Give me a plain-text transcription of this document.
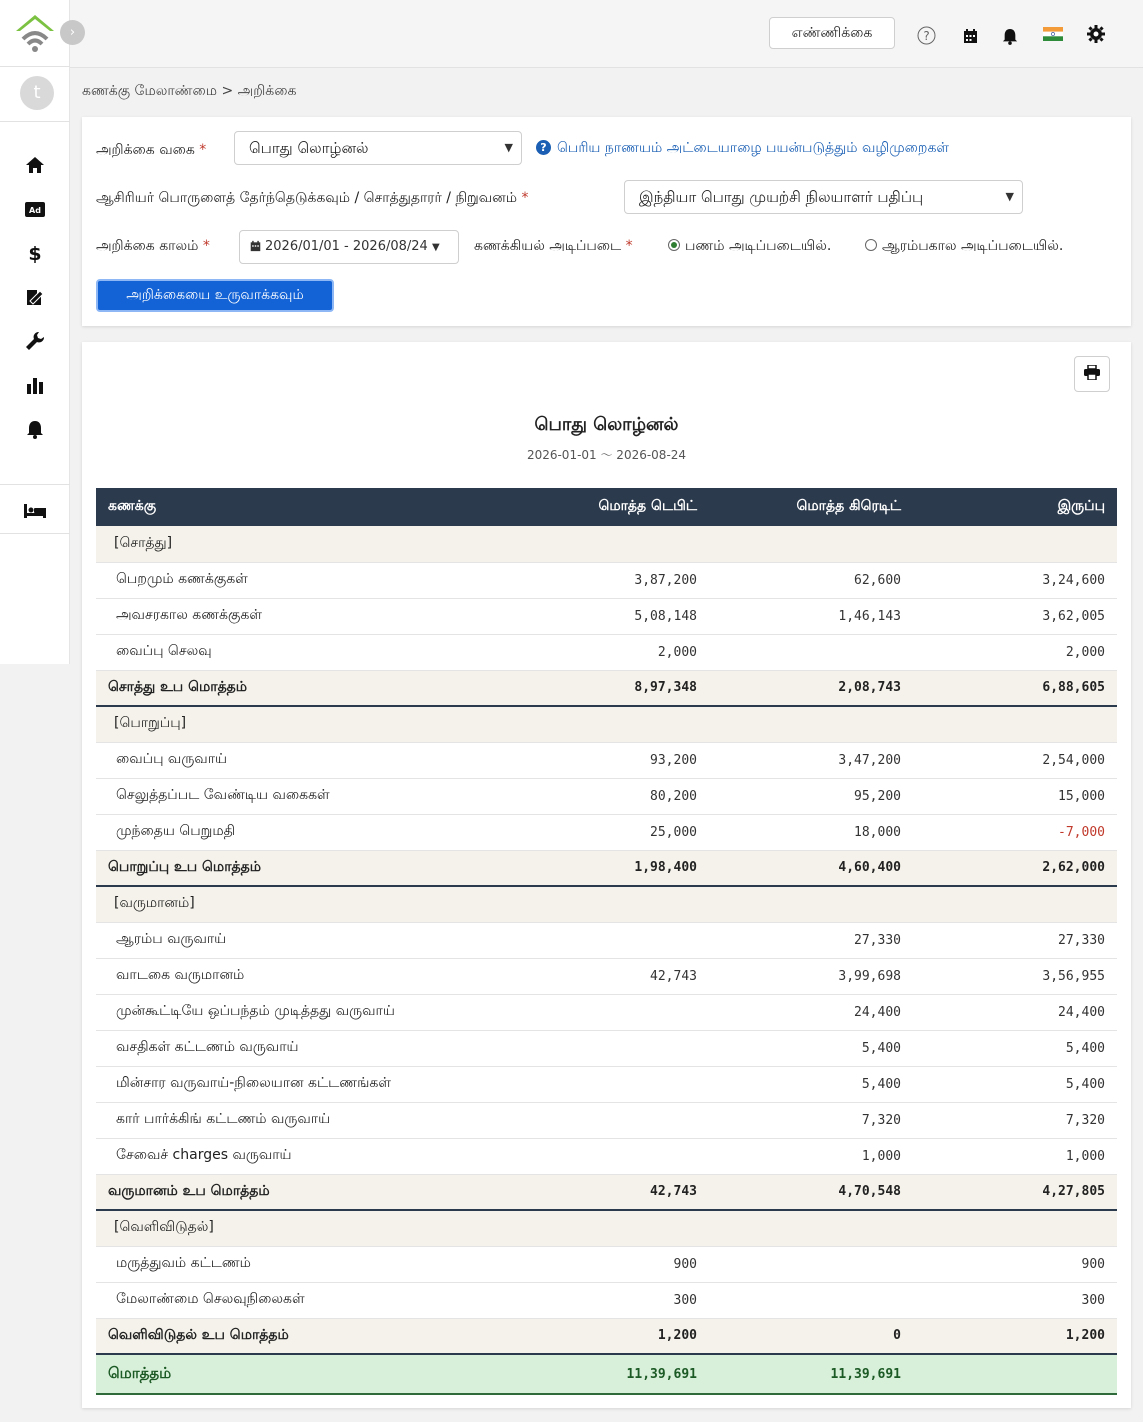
t
Ad
$
›	எண்ணிக்கை	?
கணக்கு மேலாண்மை > அறிக்கை
அறிக்கை வகை *	பொது லொழ்னல்	▼	? பெரிய நாணயம் அட்டையாழை பயன்படுத்தும் வழிமுறைகள்
ஆசிரியர் பொருளைத் தேர்ந்தெடுக்கவும் / சொத்துதாரர் / நிறுவனம் *	இந்தியா பொது முயற்சி நிலயாளர் பதிப்பு	▼
அறிக்கை காலம் *	2026/01/01 - 2026/08/24 ▼	கணக்கியல் அடிப்படை *	பணம் அடிப்படையில்.	ஆரம்பகால அடிப்படையில்.
அறிக்கையை உருவாக்கவும்
பொது லொழ்னல்
2026-01-01 〜 2026-08-24
கணக்கு	மொத்த டெபிட்	மொத்த கிரெடிட்	இருப்பு
[சொத்து]			
பெறமும் கணக்குகள்	3,87,200	62,600	3,24,600
அவசரகால கணக்குகள்	5,08,148	1,46,143	3,62,005
வைப்பு செலவு	2,000		2,000
சொத்து உப மொத்தம்	8,97,348	2,08,743	6,88,605
[பொறுப்பு]			
வைப்பு வருவாய்	93,200	3,47,200	2,54,000
செலுத்தப்பட வேண்டிய வகைகள்	80,200	95,200	15,000
முந்தைய பெறுமதி	25,000	18,000	-7,000
பொறுப்பு உப மொத்தம்	1,98,400	4,60,400	2,62,000
[வருமானம்]			
ஆரம்ப வருவாய்		27,330	27,330
வாடகை வருமானம்	42,743	3,99,698	3,56,955
முன்கூட்டியே ஒப்பந்தம் முடித்தது வருவாய்		24,400	24,400
வசதிகள் கட்டணம் வருவாய்		5,400	5,400
மின்சார வருவாய்-நிலையான கட்டணங்கள்		5,400	5,400
கார் பார்க்கிங் கட்டணம் வருவாய்		7,320	7,320
சேவைச் charges வருவாய்		1,000	1,000
வருமானம் உப மொத்தம்	42,743	4,70,548	4,27,805
[வெளிவிடுதல்]			
மருத்துவம் கட்டணம்	900		900
மேலாண்மை செலவுநிலைகள்	300		300
வெளிவிடுதல் உப மொத்தம்	1,200	0	1,200
மொத்தம்	11,39,691	11,39,691	
